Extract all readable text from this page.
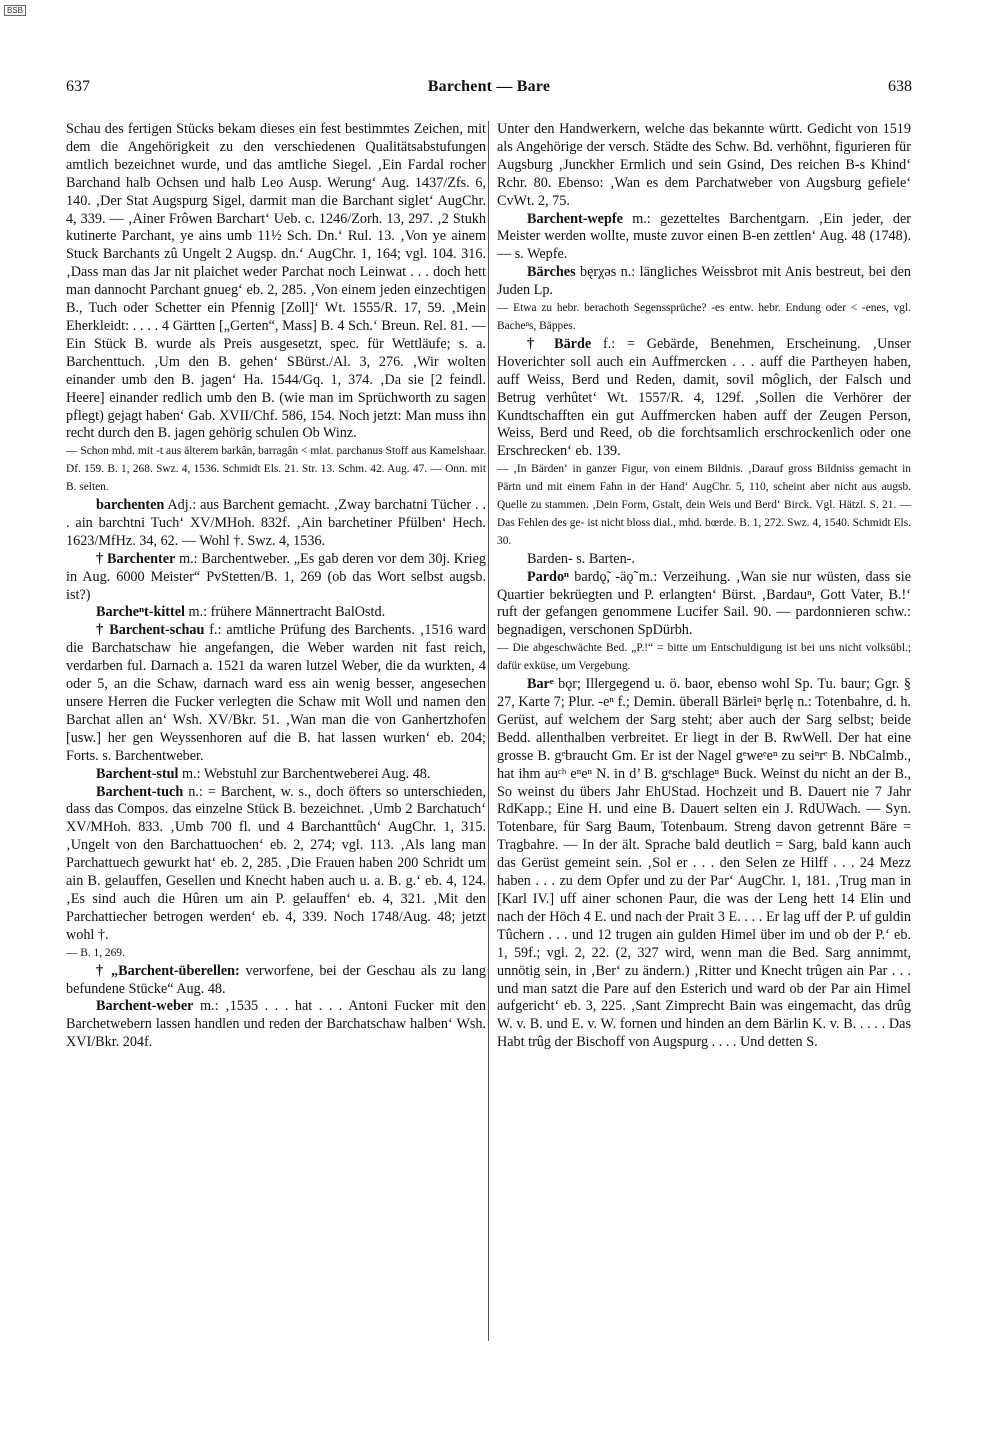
BSB
637	Barchent — Bare	638

Schau des fertigen Stücks bekam dieses ein fest bestimmtes Zeichen, mit dem die Angehörigkeit zu den verschiedenen Qualitätsabstufungen amtlich bezeichnet wurde, und das amtliche Siegel. ‚Ein Fardal rocher Barchand halb Ochsen und halb Leo Ausp. Werung‘ Aug. 1437/Zfs. 6, 140. ‚Der Stat Augspurg Sigel, darmit man die Barchant siglet‘ AugChr. 4, 339. — ‚Ainer Frôwen Barchart‘ Ueb. c. 1246/Zorh. 13, 297. ‚2 Stukh kutinerte Parchant, ye ains umb 11½ Sch. Dn.‘ Rul. 13. ‚Von ye ainem Stuck Barchants zû Ungelt 2 Augsp. dn.‘ AugChr. 1, 164; vgl. 104. 316. ‚Dass man das Jar nit plaichet weder Parchat noch Leinwat . . . doch hett man dannocht Parchant gnueg‘ eb. 2, 285. ‚Von einem jeden einzechtigen B., Tuch oder Schetter ein Pfennig [Zoll]‘ Wt. 1555/R. 17, 59. ‚Mein Eherkleidt: . . . . 4 Gärtten [„Gerten“, Mass] B. 4 Sch.‘ Breun. Rel. 81. — Ein Stück B. wurde als Preis ausgesetzt, spec. für Wettläufe; s. a. Barchenttuch. ‚Um den B. gehen‘ SBürst./Al. 3, 276. ‚Wir wolten einander umb den B. jagen‘ Ha. 1544/Gq. 1, 374. ‚Da sie [2 feindl. Heere] einander redlich umb den B. (wie man im Sprüchworth zu sagen pflegt) gejagt haben‘ Gab. XVII/Chf. 586, 154. Noch jetzt: Man muss ihn recht durch den B. jagen gehörig schulen Ob Winz.

— Schon mhd. mit -t aus älterem barkân, barragân < mlat. parchanus Stoff aus Kamelshaar. Df. 159. B. 1, 268. Swz. 4, 1536. Schmidt Els. 21. Str. 13. Schm. 42. Aug. 47. — Onn. mit B. selten.

barchenten Adj.: aus Barchent gemacht. ‚Zway barchatni Tücher . . . ain barchtni Tuch‘ XV/MHoh. 832f. ‚Ain barchetiner Pfülben‘ Hech. 1623/MfHz. 34, 62. — Wohl †. Swz. 4, 1536.

† Barchenter m.: Barchentweber. „Es gab deren vor dem 30j. Krieg in Aug. 6000 Meister“ PvStetten/B. 1, 269 (ob das Wort selbst augsb. ist?)

Barcheⁿt-kittel m.: frühere Männertracht BalOstd.

† Barchent-schau f.: amtliche Prüfung des Barchents. ‚1516 ward die Barchatschaw hie angefangen, die Weber warden nit fast reich, verdarben ful. Darnach a. 1521 da waren lutzel Weber, die da wurkten, 4 oder 5, an die Schaw, darnach ward ess ain wenig besser, angesechen unsere Herren die Fucker verlegten die Schaw mit Woll und namen den Barchat allen an‘ Wsh. XV/Bkr. 51. ‚Wan man die von Ganhertzhofen [usw.] her gen Weyssenhoren auf die B. hat lassen wurken‘ eb. 204; Forts. s. Barchentweber.

Barchent-stul m.: Webstuhl zur Barchentweberei Aug. 48.

Barchent-tuch n.: = Barchent, w. s., doch öfters so unterschieden, dass das Compos. das einzelne Stück B. bezeichnet. ‚Umb 2 Barchatuch‘ XV/MHoh. 833. ‚Umb 700 fl. und 4 Barchanttûch‘ AugChr. 1, 315. ‚Ungelt von den Barchattuochen‘ eb. 2, 274; vgl. 113. ‚Als lang man Parchattuech gewurkt hat‘ eb. 2, 285. ‚Die Frauen haben 200 Schridt um ain B. gelauffen, Gesellen und Knecht haben auch u. a. B. g.‘ eb. 4, 124. ‚Es sind auch die Hûren um ain P. gelauffen‘ eb. 4, 321. ‚Mit den Parchattiecher betrogen werden‘ eb. 4, 339. Noch 1748/Aug. 48; jetzt wohl †.

— B. 1, 269.

† „Barchent-überellen: verworfene, bei der Geschau als zu lang befundene Stücke“ Aug. 48.

Barchent-weber m.: ‚1535 . . . hat . . . Antoni Fucker mit den Barchetwebern lassen handlen und reden der Barchatschaw halben‘ Wsh. XVI/Bkr. 204f.

Unter den Handwerkern, welche das bekannte württ. Gedicht von 1519 als Angehörige der versch. Städte des Schw. Bd. verhöhnt, figurieren für Augsburg ‚Junckher Ermlich und sein Gsind, Des reichen B-s Khind‘ Rchr. 80. Ebenso: ‚Wan es dem Parchatweber von Augsburg gefiele‘ CvWt. 2, 75.

Barchent-wepfe m.: gezetteltes Barchentgarn. ‚Ein jeder, der Meister werden wollte, muste zuvor einen B-en zettlen‘ Aug. 48 (1748). — s. Wepfe.

Bärches bęrχəs n.: längliches Weissbrot mit Anis bestreut, bei den Juden Lp.

— Etwa zu hebr. berachoth Segenssprüche? -es entw. hebr. Endung oder < -enes, vgl. Bacheⁿs, Bäppes.

† Bärde f.: = Gebärde, Benehmen, Erscheinung. ‚Unser Hoverichter soll auch ein Auffmercken . . . auff die Partheyen haben, auff Weiss, Berd und Reden, damit, sovil môglich, der Falsch und Betrug verhûtet‘ Wt. 1557/R. 4, 129f. ‚Sollen die Verhörer der Kundtschafften ein gut Auffmercken haben auff der Zeugen Person, Weiss, Berd und Reed, ob die forchtsamlich erschrockenlich oder one Erschrecken‘ eb. 139.

— ‚In Bärden‘ in ganzer Figur, von einem Bildnis. ‚Darauf gross Bildniss gemacht in Pärtn und mit einem Fahn in der Hand‘ AugChr. 5, 110, scheint aber nicht aus augsb. Quelle zu stammen. ‚Dein Form, Gstalt, dein Weis und Berd‘ Birck. Vgl. Hätzl. S. 21. — Das Fehlen des ge- ist nicht bloss dial., mhd. bœrde. B. 1, 272. Swz. 4, 1540. Schmidt Els. 30.

Barden- s. Barten-.

Pardoⁿ bardǫ̃, -äǫ̃ m.: Verzeihung. ‚Wan sie nur wüsten, dass sie Quartier bekrüegten und P. erlangten‘ Bürst. ‚Bardauⁿ, Gott Vater, B.!‘ ruft der gefangen genommene Lucifer Sail. 90. — pardonnieren schw.: begnadigen, verschonen SpDürbh.

— Die abgeschwächte Bed. „P.!“ = bitte um Entschuldigung ist bei uns nicht volksübl.; dafür exküse, um Vergebung.

Barᵉ bǫr; Illergegend u. ö. baor, ebenso wohl Sp. Tu. baur; Ggr. § 27, Karte 7; Plur. -eⁿ f.; Demin. überall Bärleiⁿ bęrlę n.: Totenbahre, d. h. Gerüst, auf welchem der Sarg steht; aber auch der Sarg selbst; beide Bedd. allenthalben verbreitet. Er liegt in der B. RwWell. Der hat eine grosse B. gᵉbraucht Gm. Er ist der Nagel gᵉweᵉeⁿ zu seiⁿrᵉ B. NbCalmb., hat ihm auᶜʰ eⁿeⁿ N. in d’ B. gᵉschlageⁿ Buck. Weinst du nicht an der B., So weinst du übers Jahr EhUStad. Hochzeit und B. Dauert nie 7 Jahr RdKapp.; Eine H. und eine B. Dauert selten ein J. RdUWach. — Syn. Totenbare, für Sarg Baum, Totenbaum. Streng davon getrennt Bäre = Tragbahre. — In der ält. Sprache bald deutlich = Sarg, bald kann auch das Gerüst gemeint sein. ‚Sol er . . . den Selen ze Hilff . . . 24 Mezz haben . . . zu dem Opfer und zu der Par‘ AugChr. 1, 181. ‚Trug man in [Karl IV.] uff ainer schonen Paur, die was der Leng hett 14 Elin und nach der Höch 4 E. und nach der Prait 3 E. . . . Er lag uff der P. uf guldin Tûchern . . . und 12 trugen ain gulden Himel über im und ob der P.‘ eb. 1, 59f.; vgl. 2, 22. (2, 327 wird, wenn man die Bed. Sarg annimmt, unnötig sein, in ‚Ber‘ zu ändern.) ‚Ritter und Knecht trûgen ain Par . . . und man satzt die Pare auf den Esterich und ward ob der Par ain Himel aufgericht‘ eb. 3, 225. ‚Sant Zimprecht Bain was eingemacht, das drûg W. v. B. und E. v. W. fornen und hinden an dem Bärlin K. v. B. . . . . Das Habt trûg der Bischoff von Augspurg . . . . Und detten S.
